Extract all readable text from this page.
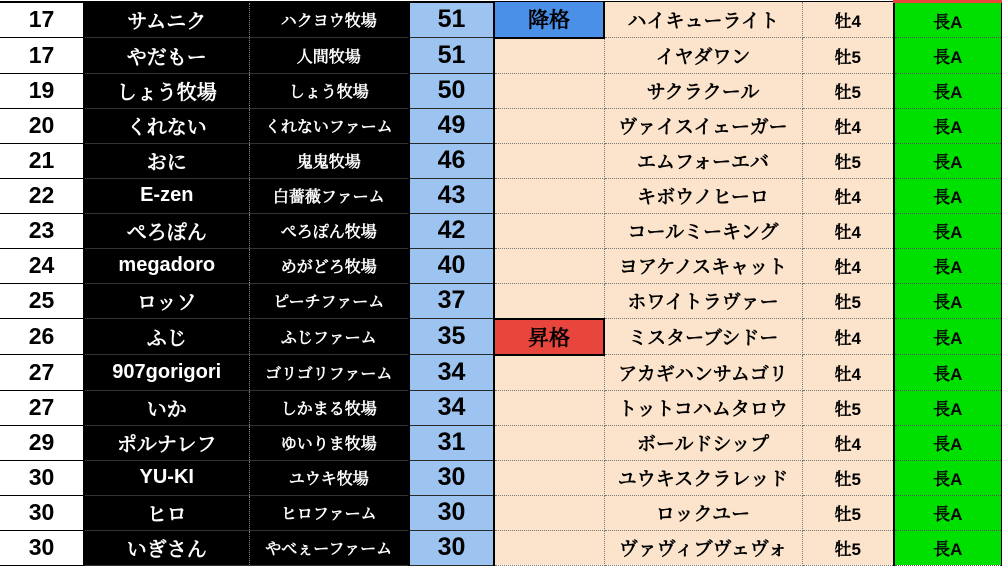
17	サムニク	ハクヨウ牧場	51	降格	ハイキューライト	牡4	長A
17	やだもー	人間牧場	51		イヤダワン	牡5	長A
19	しょう牧場	しょう牧場	50		サクラクール	牡5	長A
20	くれない	くれないファーム	49		ヴァイスイェーガー	牡4	長A
21	おに	鬼鬼牧場	46		エムフォーエバ	牡5	長A
22	E-zen	白薔薇ファーム	43		キボウノヒーロ	牡4	長A
23	ぺろぽん	ぺろぽん牧場	42		コールミーキング	牡4	長A
24	megadoro	めがどろ牧場	40		ヨアケノスキャット	牡4	長A
25	ロッソ	ピーチファーム	37		ホワイトラヴァー	牡5	長A
26	ふじ	ふじファーム	35	昇格	ミスターブシドー	牡4	長A
27	907gorigori	ゴリゴリファーム	34		アカギハンサムゴリ	牡4	長A
27	いか	しかまる牧場	34		トットコハムタロウ	牡5	長A
29	ポルナレフ	ゆいりま牧場	31		ボールドシップ	牡4	長A
30	YU-KI	ユウキ牧場	30		ユウキスクラレッド	牡5	長A
30	ヒロ	ヒロファーム	30		ロックユー	牡5	長A
30	いぎさん	やべぇーファーム	30		ヴァヴィブヴェヴォ	牡5	長A
